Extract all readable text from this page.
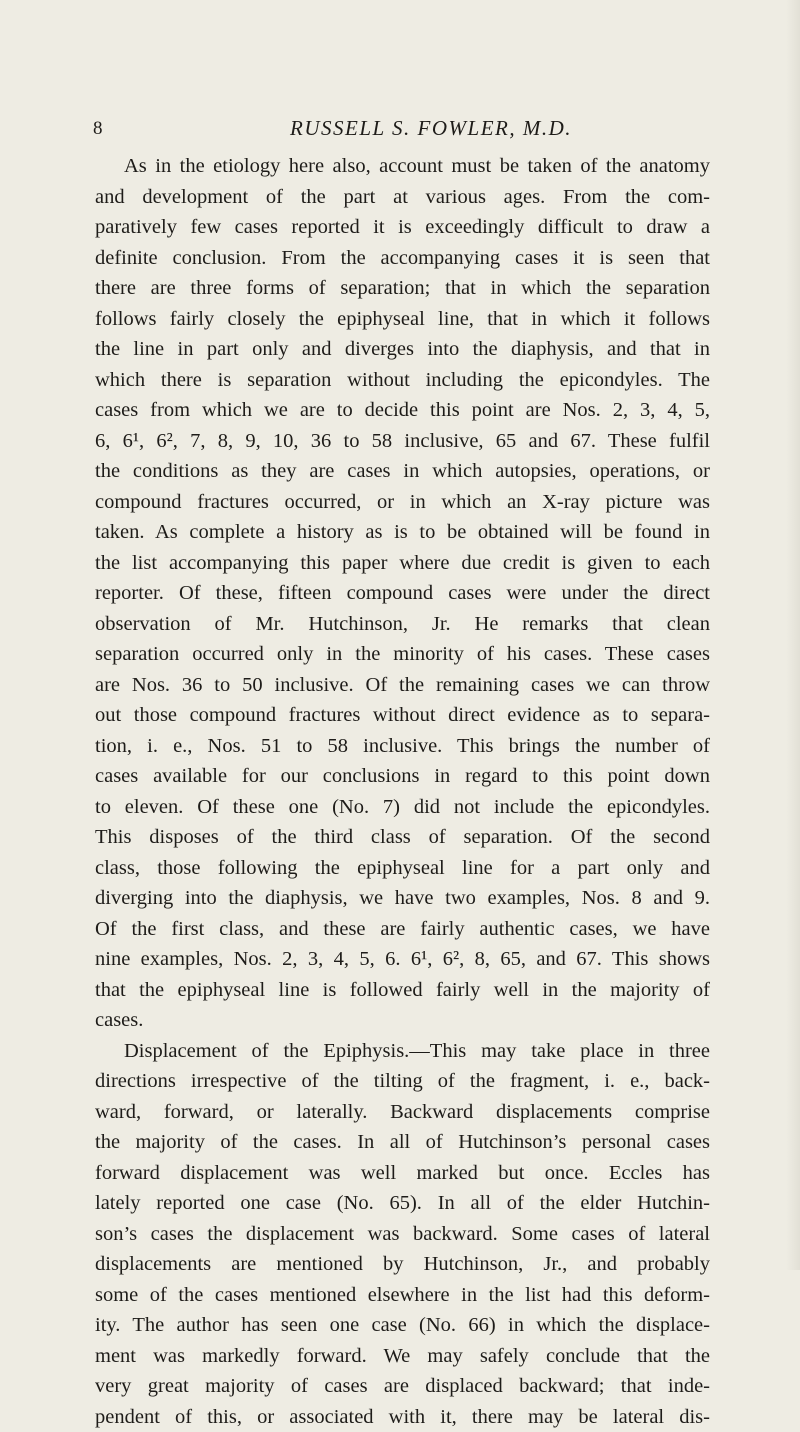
8	RUSSELL S. FOWLER, M.D.
As in the etiology here also, account must be taken of the anatomy
and development of the part at various ages. From the com-
paratively few cases reported it is exceedingly difficult to draw a
definite conclusion. From the accompanying cases it is seen that
there are three forms of separation; that in which the separation
follows fairly closely the epiphyseal line, that in which it follows
the line in part only and diverges into the diaphysis, and that in
which there is separation without including the epicondyles. The
cases from which we are to decide this point are Nos. 2, 3, 4, 5,
6, 6¹, 6², 7, 8, 9, 10, 36 to 58 inclusive, 65 and 67. These fulfil
the conditions as they are cases in which autopsies, operations, or
compound fractures occurred, or in which an X-ray picture was
taken. As complete a history as is to be obtained will be found in
the list accompanying this paper where due credit is given to each
reporter. Of these, fifteen compound cases were under the direct
observation of Mr. Hutchinson, Jr. He remarks that clean
separation occurred only in the minority of his cases. These cases
are Nos. 36 to 50 inclusive. Of the remaining cases we can throw
out those compound fractures without direct evidence as to separa-
tion, i. e., Nos. 51 to 58 inclusive. This brings the number of
cases available for our conclusions in regard to this point down
to eleven. Of these one (No. 7) did not include the epicondyles.
This disposes of the third class of separation. Of the second
class, those following the epiphyseal line for a part only and
diverging into the diaphysis, we have two examples, Nos. 8 and 9.
Of the first class, and these are fairly authentic cases, we have
nine examples, Nos. 2, 3, 4, 5, 6. 6¹, 6², 8, 65, and 67. This shows
that the epiphyseal line is followed fairly well in the majority of
cases.
Displacement of the Epiphysis.—This may take place in three
directions irrespective of the tilting of the fragment, i. e., back-
ward, forward, or laterally. Backward displacements comprise
the majority of the cases. In all of Hutchinson’s personal cases
forward displacement was well marked but once. Eccles has
lately reported one case (No. 65). In all of the elder Hutchin-
son’s cases the displacement was backward. Some cases of lateral
displacements are mentioned by Hutchinson, Jr., and probably
some of the cases mentioned elsewhere in the list had this deform-
ity. The author has seen one case (No. 66) in which the displace-
ment was markedly forward. We may safely conclude that the
very great majority of cases are displaced backward; that inde-
pendent of this, or associated with it, there may be lateral dis-
